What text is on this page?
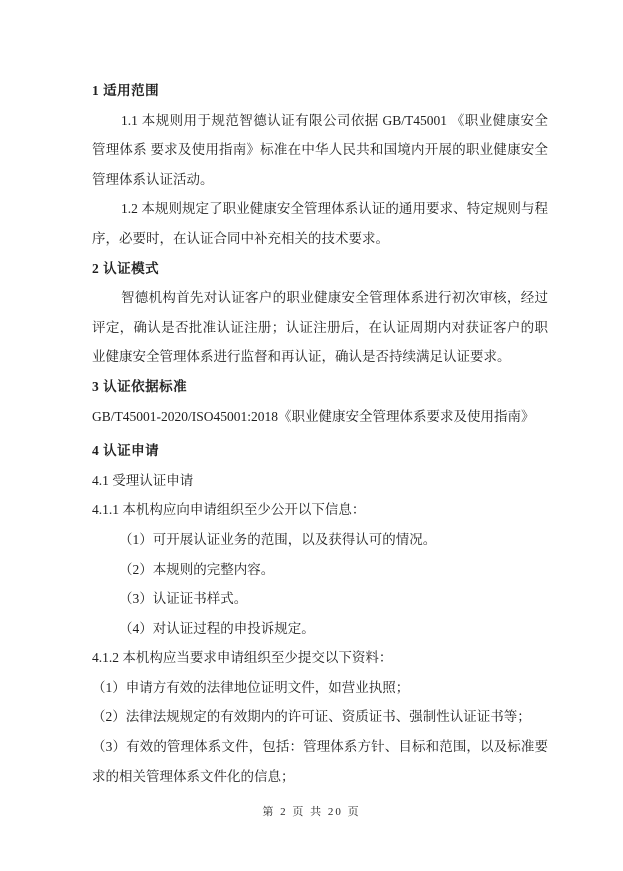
1 适用范围
1.1 本规则用于规范智德认证有限公司依据 GB/T45001 《职业健康安全管理体系 要求及使用指南》标准在中华人民共和国境内开展的职业健康安全管理体系认证活动。
1.2 本规则规定了职业健康安全管理体系认证的通用要求、特定规则与程序，必要时，在认证合同中补充相关的技术要求。
2 认证模式
智德机构首先对认证客户的职业健康安全管理体系进行初次审核，经过评定，确认是否批准认证注册；认证注册后，在认证周期内对获证客户的职业健康安全管理体系进行监督和再认证，确认是否持续满足认证要求。
3 认证依据标准
GB/T45001-2020/ISO45001:2018《职业健康安全管理体系要求及使用指南》
4 认证申请
4.1 受理认证申请
4.1.1 本机构应向申请组织至少公开以下信息：
（1）可开展认证业务的范围，以及获得认可的情况。
（2）本规则的完整内容。
（3）认证证书样式。
（4）对认证过程的申投诉规定。
4.1.2 本机构应当要求申请组织至少提交以下资料：
（1）申请方有效的法律地位证明文件，如营业执照；
（2）法律法规规定的有效期内的许可证、资质证书、强制性认证证书等；
（3）有效的管理体系文件，包括：管理体系方针、目标和范围，以及标准要求的相关管理体系文件化的信息；
第 2 页 共 20 页
